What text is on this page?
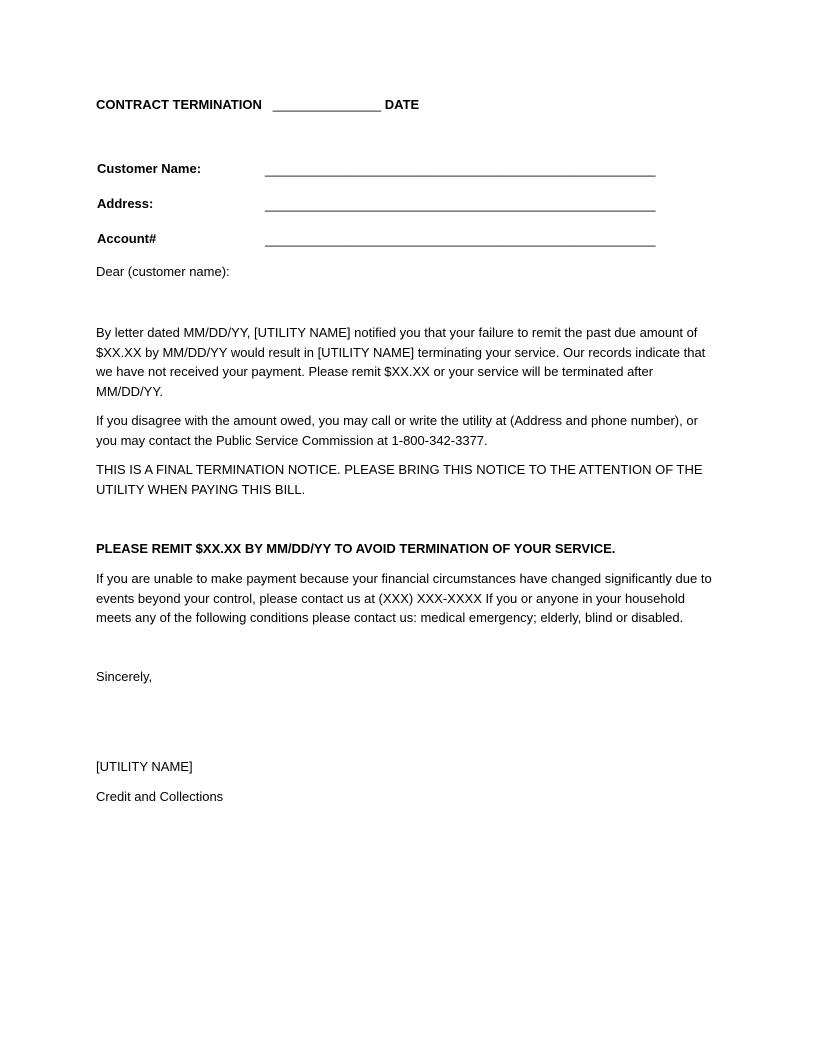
CONTRACT TERMINATION _______________ DATE
Customer Name:	______________________________________________________
Address:	______________________________________________________
Account#	______________________________________________________
Dear (customer name):

By letter dated MM/DD/YY, [UTILITY NAME] notified you that your failure to remit the past due amount of $XX.XX by MM/DD/YY would result in [UTILITY NAME] terminating your service. Our records indicate that we have not received your payment. Please remit $XX.XX or your service will be terminated after MM/DD/YY.

If you disagree with the amount owed, you may call or write the utility at (Address and phone number), or you may contact the Public Service Commission at 1-800-342-3377.

THIS IS A FINAL TERMINATION NOTICE. PLEASE BRING THIS NOTICE TO THE ATTENTION OF THE UTILITY WHEN PAYING THIS BILL.

PLEASE REMIT $XX.XX BY MM/DD/YY TO AVOID TERMINATION OF YOUR SERVICE.

If you are unable to make payment because your financial circumstances have changed significantly due to events beyond your control, please contact us at (XXX) XXX-XXXX If you or anyone in your household meets any of the following conditions please contact us: medical emergency; elderly, blind or disabled.

Sincerely,
[UTILITY NAME]
Credit and Collections
